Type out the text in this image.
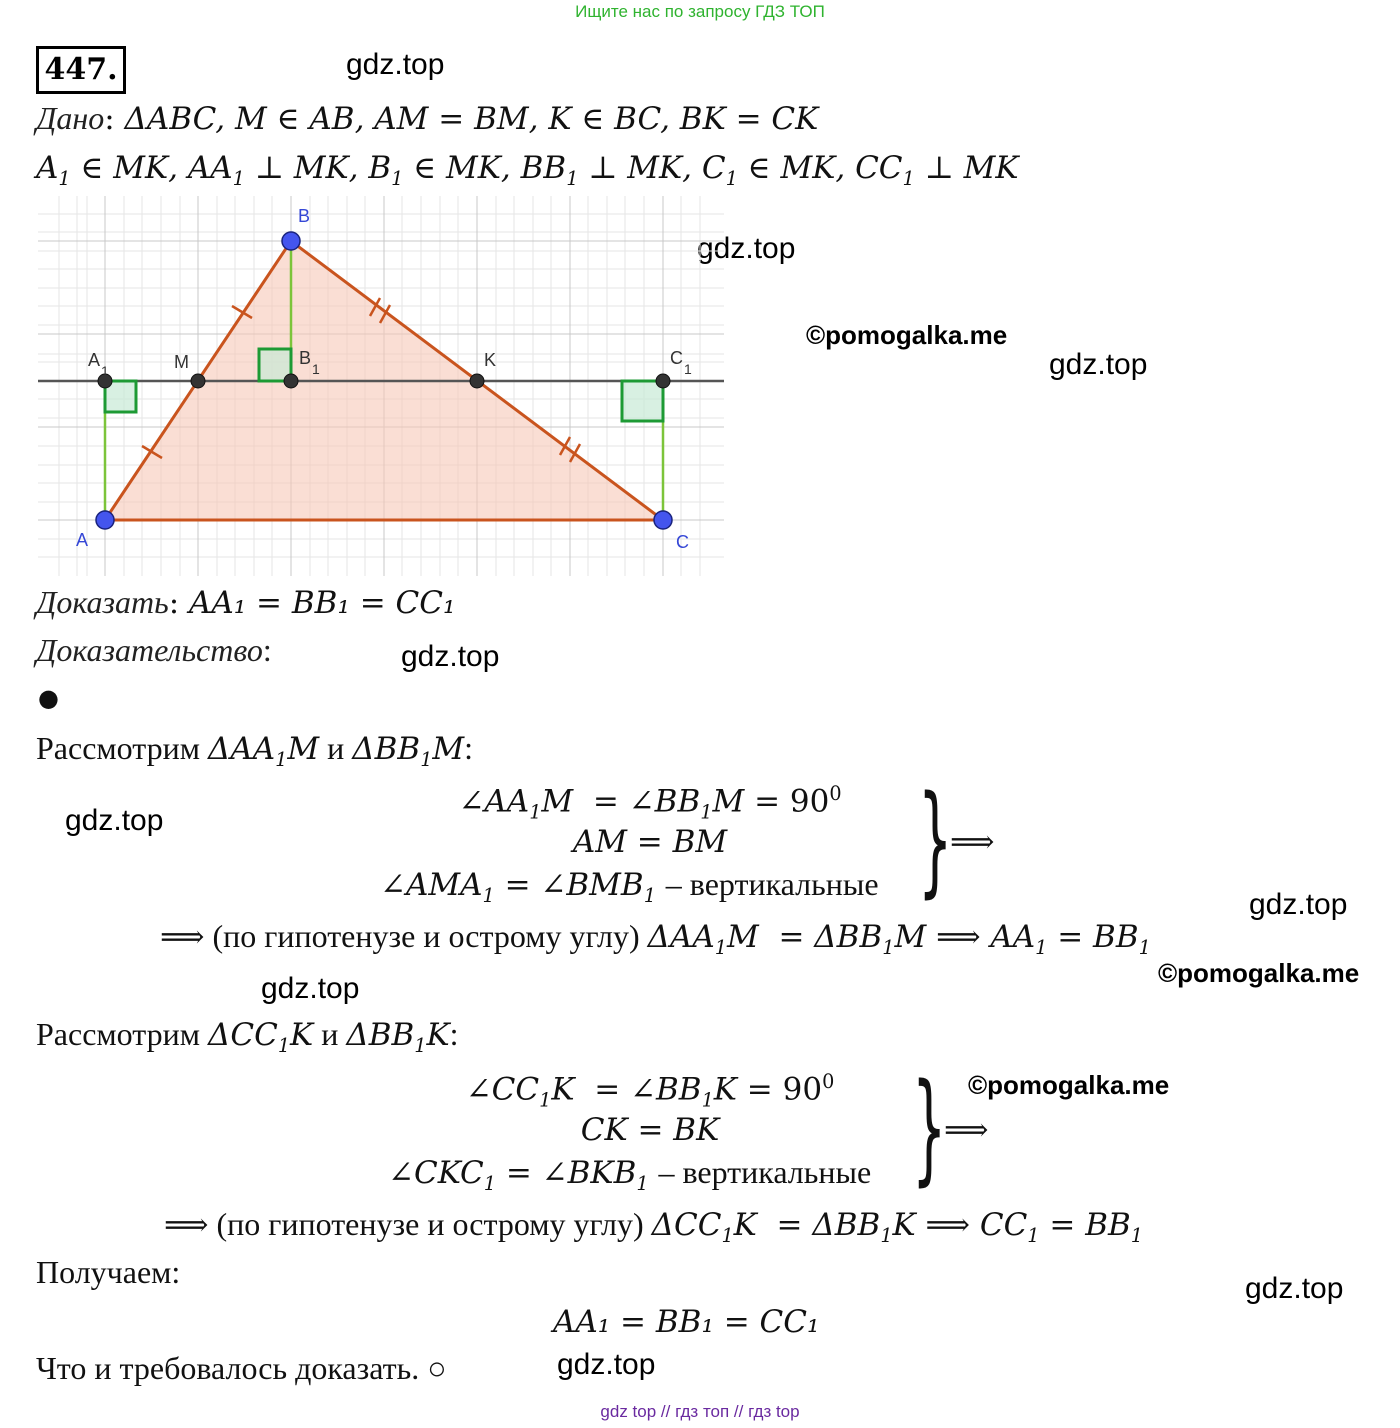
Ищите нас по запросу ГДЗ ТОП
447.	gdz.top
gdz.top
gdz.top
gdz.top
gdz.top
gdz.top
gdz.top
gdz.top
gdz.top
©pomogalka.me
©pomogalka.me
©pomogalka.me
Дано: ΔABC, M ∈ AB, AM = BM, K ∈ BC, BK = CK
$A_1$ ∈ MK, $AA_1$ ⊥ MK, $B_1$ ∈ MK, $BB_1$ ⊥ MK, $C_1$ ∈ MK, $CC_1$ ⊥ MK
A
B
C
M	K
A
1
B
1
C
1
Доказать: AA₁ = BB₁ = CC₁
Доказательство:
●
Рассмотрим $\Delta AA_1M$ и $\Delta BB_1M$:
$\angle AA_1M$  = $\angle BB_1M = 90^0$
AM = BM
$\angle AMA_1$ = $\angle BMB_1$ – вертикальные }
⟹
⟹ (по гипотенузе и острому углу) $\Delta AA_1M = \Delta BB_1M$ ⟹ $AA_1 = BB_1$
Рассмотрим $\Delta CC_1K$ и $\Delta BB_1K$:
$\angle CC_1K$  = $\angle BB_1K = 90^0$
CK = BK
$\angle CKC_1$ = $\angle BKB_1$ – вертикальные }
⟹
⟹ (по гипотенузе и острому углу) $\Delta CC_1K = \Delta BB_1K$ ⟹ $CC_1 = BB_1$
Получаем:
AA₁ = BB₁ = CC₁
Что и требовалось доказать. ○
gdz top // гдз топ // гдз top
